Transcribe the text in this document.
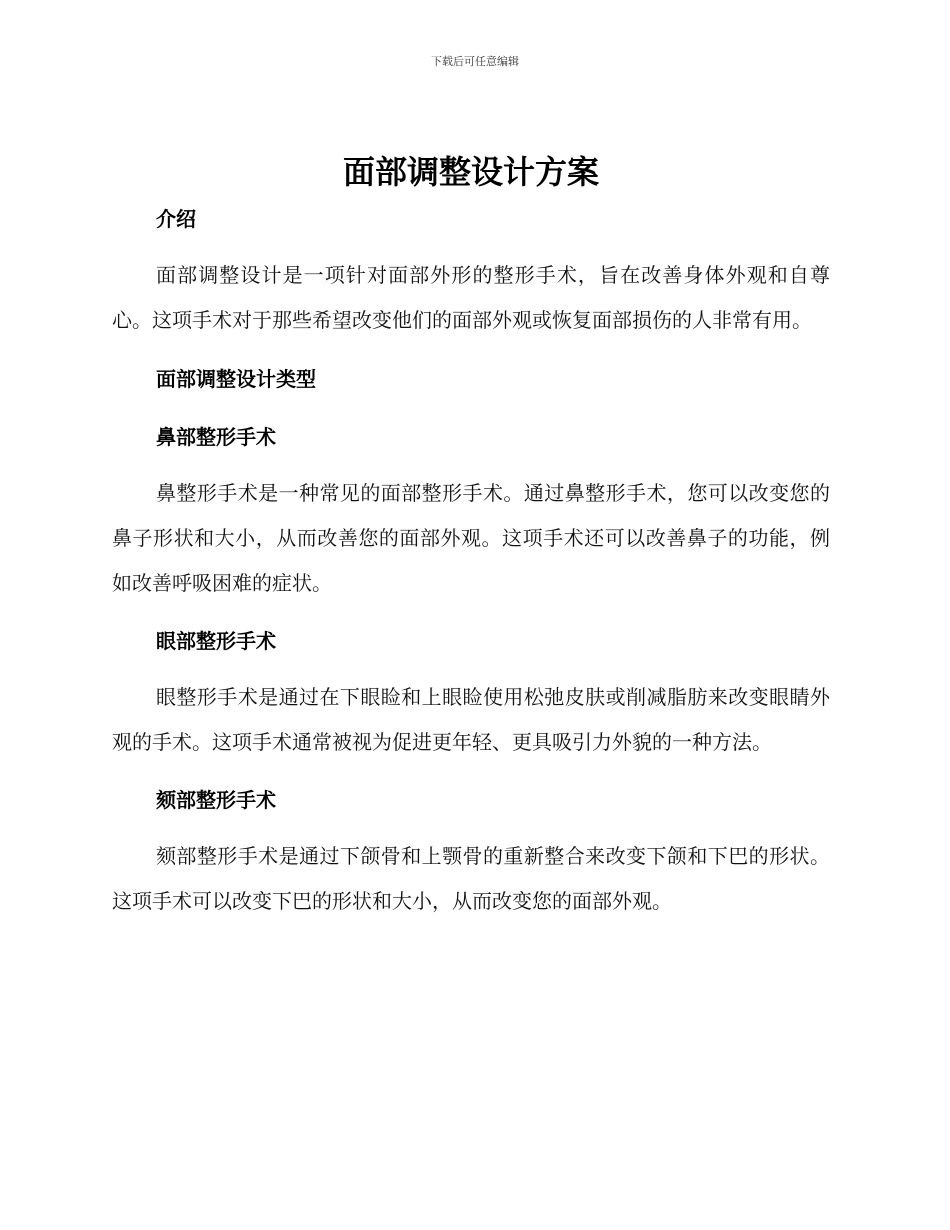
下载后可任意编辑
面部调整设计方案
介绍

面部调整设计是一项针对面部外形的整形手术，旨在改善身体外观和自尊心。这项手术对于那些希望改变他们的面部外观或恢复面部损伤的人非常有用。

面部调整设计类型
鼻部整形手术

鼻整形手术是一种常见的面部整形手术。通过鼻整形手术，您可以改变您的鼻子形状和大小，从而改善您的面部外观。这项手术还可以改善鼻子的功能，例如改善呼吸困难的症状。

眼部整形手术

眼整形手术是通过在下眼睑和上眼睑使用松弛皮肤或削减脂肪来改变眼睛外观的手术。这项手术通常被视为促进更年轻、更具吸引力外貌的一种方法。

颏部整形手术

颏部整形手术是通过下颌骨和上颚骨的重新整合来改变下颌和下巴的形状。这项手术可以改变下巴的形状和大小，从而改变您的面部外观。
